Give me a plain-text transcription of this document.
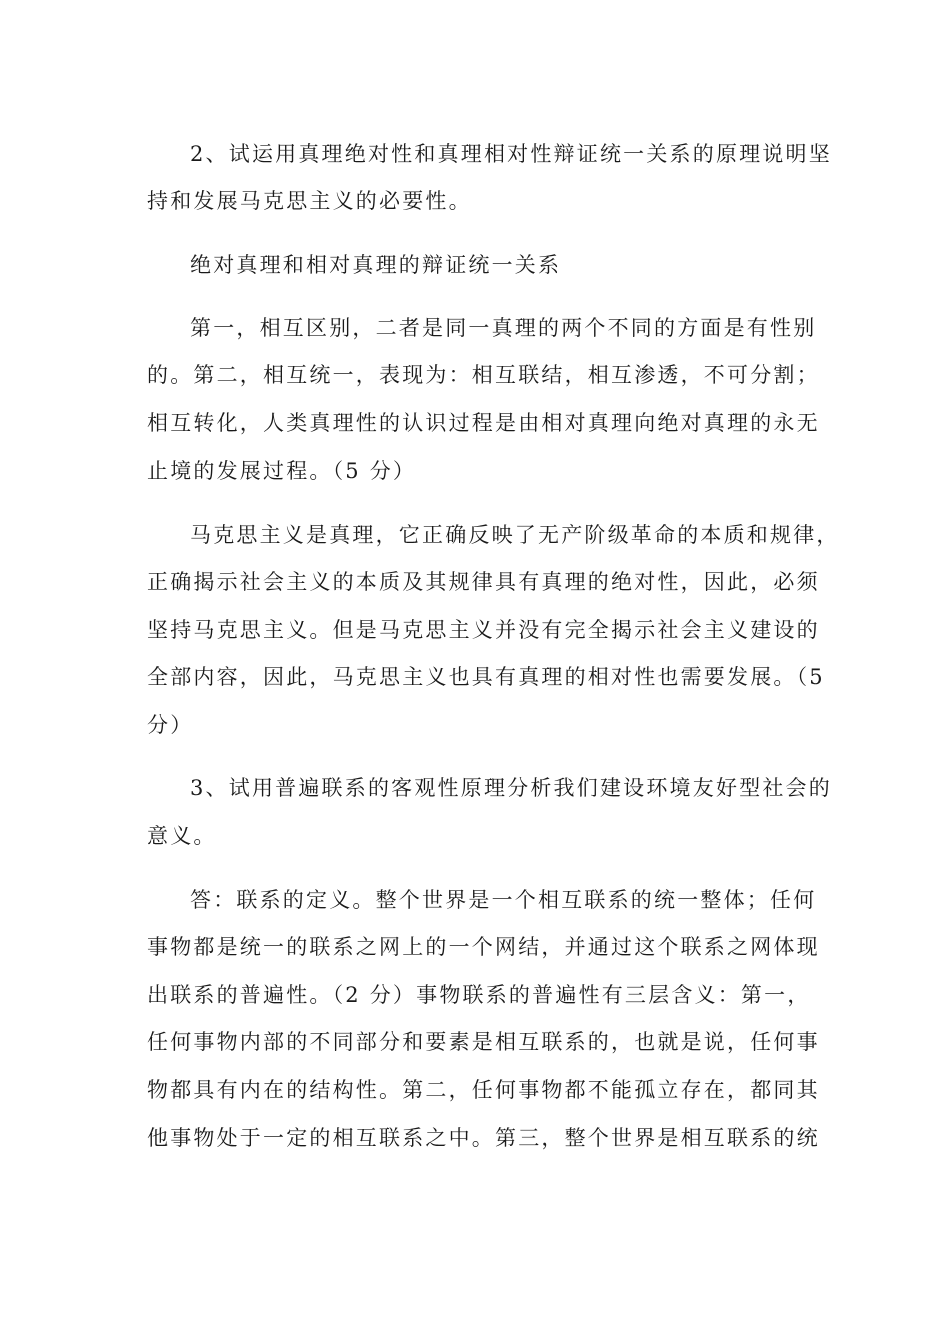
2、试运用真理绝对性和真理相对性辩证统一关系的原理说明坚
持和发展马克思主义的必要性。
绝对真理和相对真理的辩证统一关系
第一，相互区别，二者是同一真理的两个不同的方面是有性别
的。第二，相互统一，表现为：相互联结，相互渗透，不可分割；
相互转化，人类真理性的认识过程是由相对真理向绝对真理的永无
止境的发展过程。（5 分）
马克思主义是真理，它正确反映了无产阶级革命的本质和规律，
正确揭示社会主义的本质及其规律具有真理的绝对性，因此，必须
坚持马克思主义。但是马克思主义并没有完全揭示社会主义建设的
全部内容，因此，马克思主义也具有真理的相对性也需要发展。（5
分）
3、试用普遍联系的客观性原理分析我们建设环境友好型社会的
意义。
答：联系的定义。整个世界是一个相互联系的统一整体；任何
事物都是统一的联系之网上的一个网结，并通过这个联系之网体现
出联系的普遍性。（2 分）事物联系的普遍性有三层含义：第一，
任何事物内部的不同部分和要素是相互联系的，也就是说，任何事
物都具有内在的结构性。第二，任何事物都不能孤立存在，都同其
他事物处于一定的相互联系之中。第三，整个世界是相互联系的统
